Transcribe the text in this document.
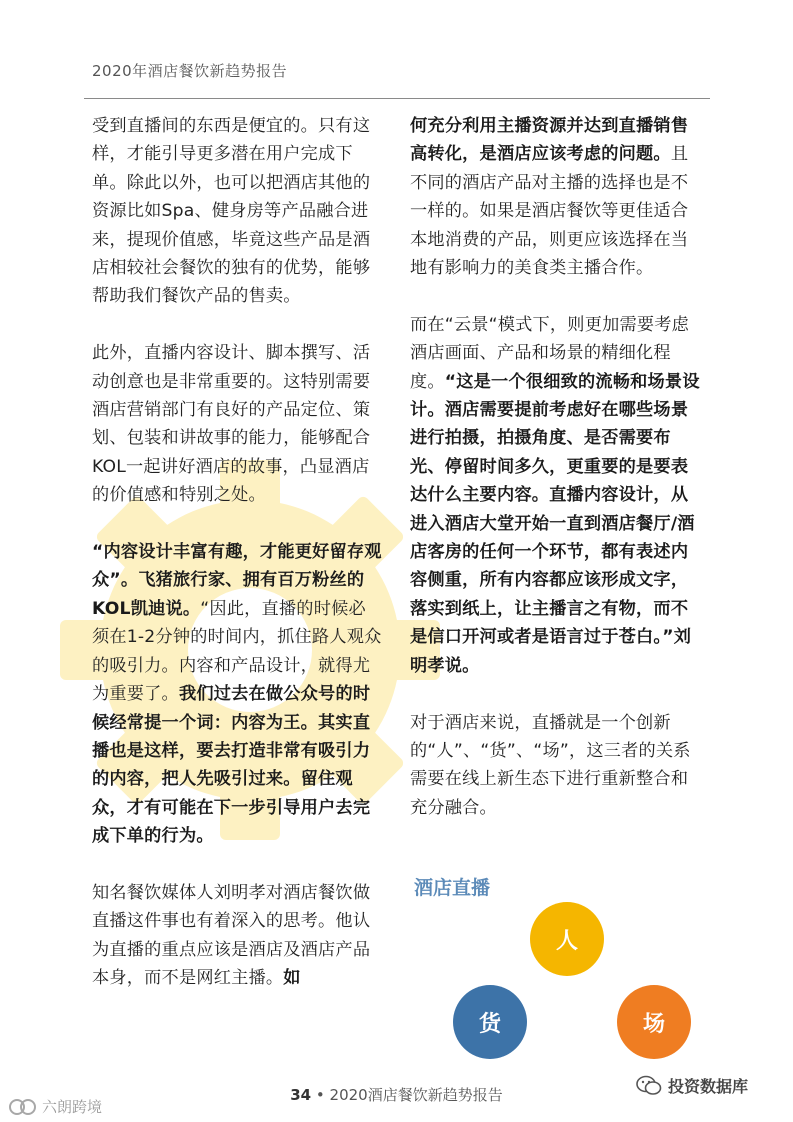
2020年酒店餐饮新趋势报告

受到直播间的东西是便宜的。只有这样，才能引导更多潜在用户完成下单。除此以外，也可以把酒店其他的资源比如Spa、健身房等产品融合进来，提现价值感，毕竟这些产品是酒店相较社会餐饮的独有的优势，能够帮助我们餐饮产品的售卖。

此外，直播内容设计、脚本撰写、活动创意也是非常重要的。这特别需要酒店营销部门有良好的产品定位、策划、包装和讲故事的能力，能够配合KOL一起讲好酒店的故事，凸显酒店的价值感和特别之处。

“内容设计丰富有趣，才能更好留存观众”。飞猪旅行家、拥有百万粉丝的KOL凯迪说。“因此，直播的时候必须在1-2分钟的时间内，抓住路人观众的吸引力。内容和产品设计，就得尤为重要了。我们过去在做公众号的时候经常提一个词：内容为王。其实直播也是这样，要去打造非常有吸引力的内容，把人先吸引过来。留住观众，才有可能在下一步引导用户去完成下单的行为。

知名餐饮媒体人刘明孝对酒店餐饮做直播这件事也有着深入的思考。他认为直播的重点应该是酒店及酒店产品本身，而不是网红主播。如

何充分利用主播资源并达到直播销售高转化，是酒店应该考虑的问题。且不同的酒店产品对主播的选择也是不一样的。如果是酒店餐饮等更佳适合本地消费的产品，则更应该选择在当地有影响力的美食类主播合作。

而在“云景“模式下，则更加需要考虑酒店画面、产品和场景的精细化程度。“这是一个很细致的流畅和场景设计。酒店需要提前考虑好在哪些场景进行拍摄，拍摄角度、是否需要布光、停留时间多久，更重要的是要表达什么主要内容。直播内容设计，从进入酒店大堂开始一直到酒店餐厅/酒店客房的任何一个环节，都有表述内容侧重，所有内容都应该形成文字，落实到纸上，让主播言之有物，而不是信口开河或者是语言过于苍白。”刘明孝说。

对于酒店来说，直播就是一个创新的“人”、“货”、“场”，这三者的关系需要在线上新生态下进行重新整合和充分融合。

酒店直播
人
货	场
34 • 2020酒店餐饮新趋势报告
六朗跨境
投资数据库
